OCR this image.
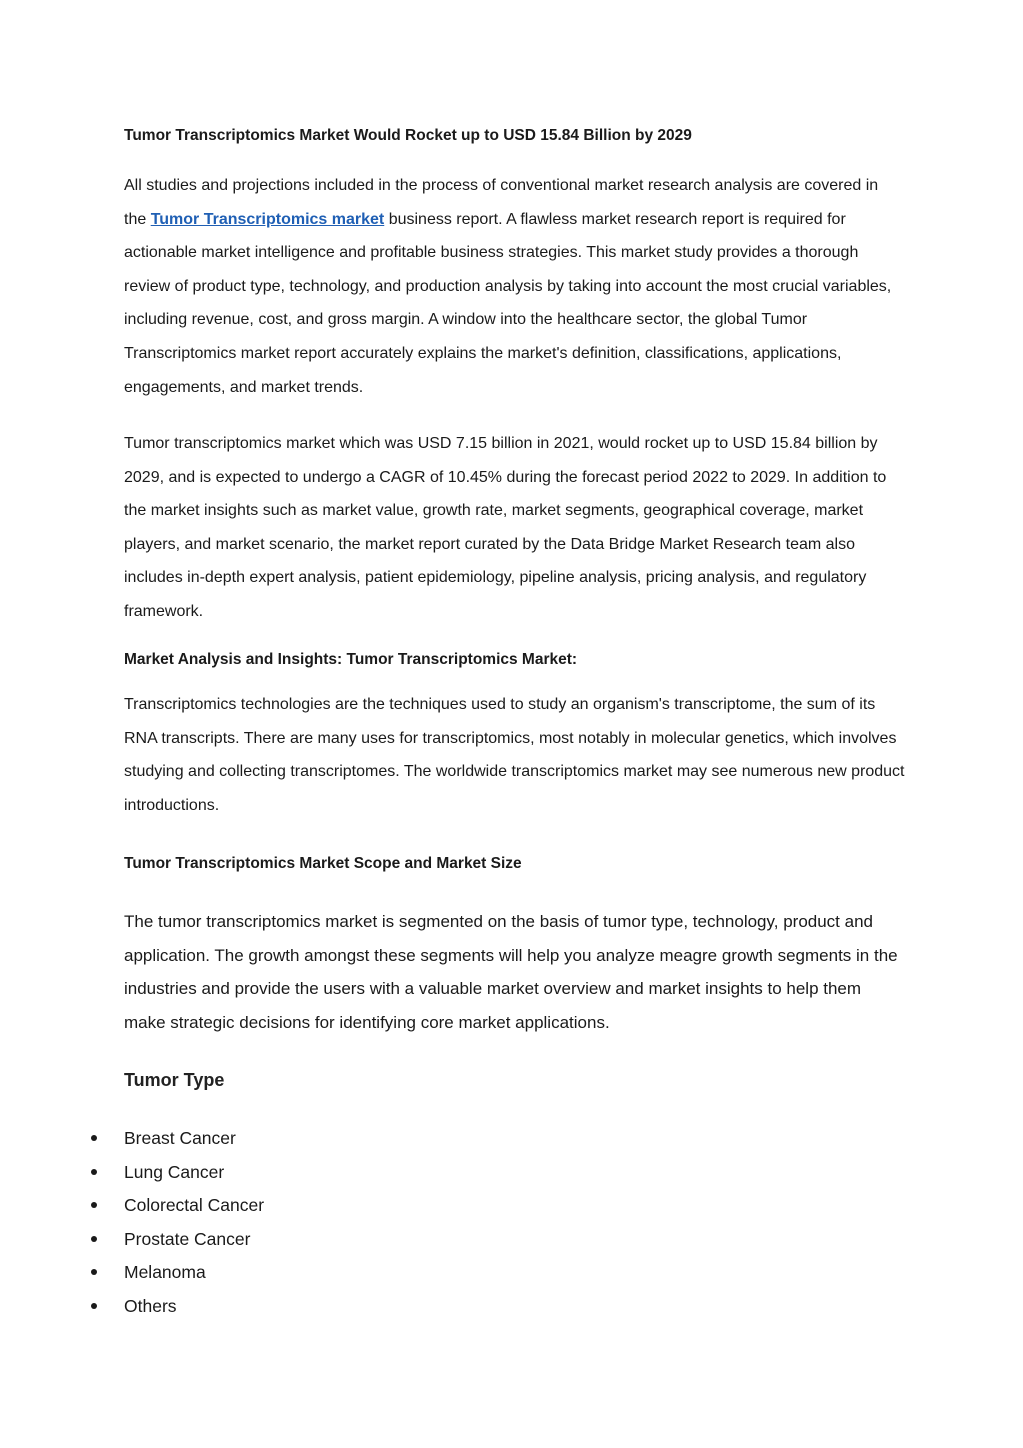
Tumor Transcriptomics Market Would Rocket up to USD 15.84 Billion by 2029

All studies and projections included in the process of conventional market research analysis are covered in the Tumor Transcriptomics market business report. A flawless market research report is required for actionable market intelligence and profitable business strategies. This market study provides a thorough review of product type, technology, and production analysis by taking into account the most crucial variables, including revenue, cost, and gross margin. A window into the healthcare sector, the global Tumor Transcriptomics market report accurately explains the market's definition, classifications, applications, engagements, and market trends.

Tumor transcriptomics market which was USD 7.15 billion in 2021, would rocket up to USD 15.84 billion by 2029, and is expected to undergo a CAGR of 10.45% during the forecast period 2022 to 2029. In addition to the market insights such as market value, growth rate, market segments, geographical coverage, market players, and market scenario, the market report curated by the Data Bridge Market Research team also includes in-depth expert analysis, patient epidemiology, pipeline analysis, pricing analysis, and regulatory framework.

Market Analysis and Insights: Tumor Transcriptomics Market:

Transcriptomics technologies are the techniques used to study an organism's transcriptome, the sum of its RNA transcripts. There are many uses for transcriptomics, most notably in molecular genetics, which involves studying and collecting transcriptomes. The worldwide transcriptomics market may see numerous new product introductions.

Tumor Transcriptomics Market Scope and Market Size

The tumor transcriptomics market is segmented on the basis of tumor type, technology, product and application. The growth amongst these segments will help you analyze meagre growth segments in the industries and provide the users with a valuable market overview and market insights to help them make strategic decisions for identifying core market applications.

Tumor Type
Breast Cancer
Lung Cancer
Colorectal Cancer
Prostate Cancer
Melanoma
Others
